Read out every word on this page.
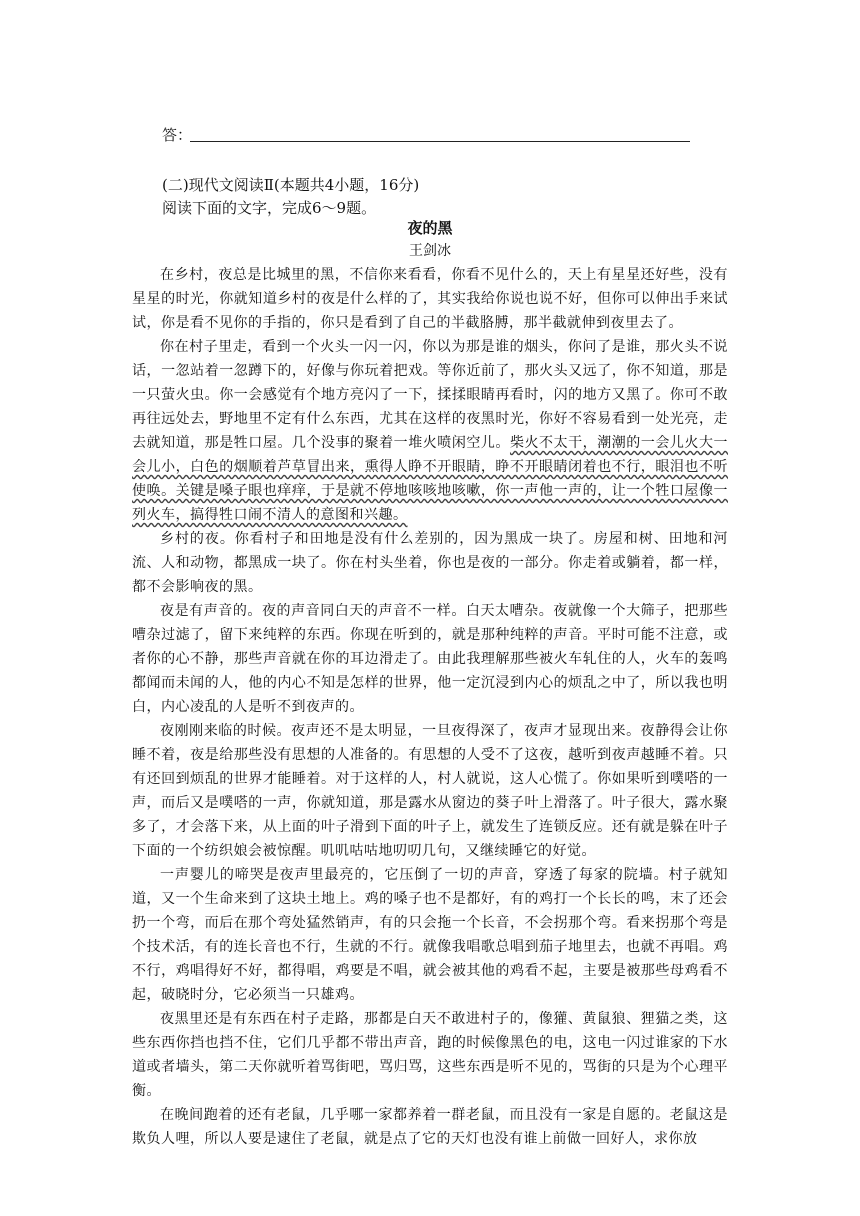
答：
(二)现代文阅读Ⅱ(本题共4小题，16分)
阅读下面的文字，完成6～9题。
夜的黑
王剑冰

在乡村，夜总是比城里的黑，不信你来看看，你看不见什么的，天上有星星还好些，没有星星的时光，你就知道乡村的夜是什么样的了，其实我给你说也说不好，但你可以伸出手来试试，你是看不见你的手指的，你只是看到了自己的半截胳膊，那半截就伸到夜里去了。

你在村子里走，看到一个火头一闪一闪，你以为那是谁的烟头，你问了是谁，那火头不说话，一忽站着一忽蹲下的，好像与你玩着把戏。等你近前了，那火头又远了，你不知道，那是一只萤火虫。你一会感觉有个地方亮闪了一下，揉揉眼睛再看时，闪的地方又黑了。你可不敢再往远处去，野地里不定有什么东西，尤其在这样的夜黑时光，你好不容易看到一处光亮，走去就知道，那是牲口屋。几个没事的聚着一堆火喷闲空儿。柴火不太干，潮潮的一会儿火大一会儿小，白色的烟顺着芦草冒出来，熏得人睁不开眼睛，睁不开眼睛闭着也不行，眼泪也不听使唤。关键是嗓子眼也痒痒，于是就不停地咳咳地咳嗽，你一声他一声的，让一个牲口屋像一列火车，搞得牲口闹不清人的意图和兴趣。

乡村的夜。你看村子和田地是没有什么差别的，因为黑成一块了。房屋和树、田地和河流、人和动物，都黑成一块了。你在村头坐着，你也是夜的一部分。你走着或躺着，都一样，都不会影响夜的黑。

夜是有声音的。夜的声音同白天的声音不一样。白天太嘈杂。夜就像一个大筛子，把那些嘈杂过滤了，留下来纯粹的东西。你现在听到的，就是那种纯粹的声音。平时可能不注意，或者你的心不静，那些声音就在你的耳边滑走了。由此我理解那些被火车轧住的人，火车的轰鸣都闻而未闻的人，他的内心不知是怎样的世界，他一定沉浸到内心的烦乱之中了，所以我也明白，内心凌乱的人是听不到夜声的。

夜刚刚来临的时候。夜声还不是太明显，一旦夜得深了，夜声才显现出来。夜静得会让你睡不着，夜是给那些没有思想的人准备的。有思想的人受不了这夜，越听到夜声越睡不着。只有还回到烦乱的世界才能睡着。对于这样的人，村人就说，这人心慌了。你如果听到噗嗒的一声，而后又是噗嗒的一声，你就知道，那是露水从窗边的葵子叶上滑落了。叶子很大，露水聚多了，才会落下来，从上面的叶子滑到下面的叶子上，就发生了连锁反应。还有就是躲在叶子下面的一个纺织娘会被惊醒。叽叽咕咕地叨叨几句，又继续睡它的好觉。

一声婴儿的啼哭是夜声里最亮的，它压倒了一切的声音，穿透了每家的院墙。村子就知道，又一个生命来到了这块土地上。鸡的嗓子也不是都好，有的鸡打一个长长的鸣，末了还会扔一个弯，而后在那个弯处猛然销声，有的只会拖一个长音，不会拐那个弯。看来拐那个弯是个技术活，有的连长音也不行，生就的不行。就像我唱歌总唱到茄子地里去，也就不再唱。鸡不行，鸡唱得好不好，都得唱，鸡要是不唱，就会被其他的鸡看不起，主要是被那些母鸡看不起，破晓时分，它必须当一只雄鸡。

夜黑里还是有东西在村子走路，那都是白天不敢进村子的，像獾、黄鼠狼、狸猫之类，这些东西你挡也挡不住，它们几乎都不带出声音，跑的时候像黑色的电，这电一闪过谁家的下水道或者墙头，第二天你就听着骂街吧，骂归骂，这些东西是听不见的，骂街的只是为个心理平衡。

在晚间跑着的还有老鼠，几乎哪一家都养着一群老鼠，而且没有一家是自愿的。老鼠这是欺负人哩，所以人要是逮住了老鼠，就是点了它的天灯也没有谁上前做一回好人，求你放
